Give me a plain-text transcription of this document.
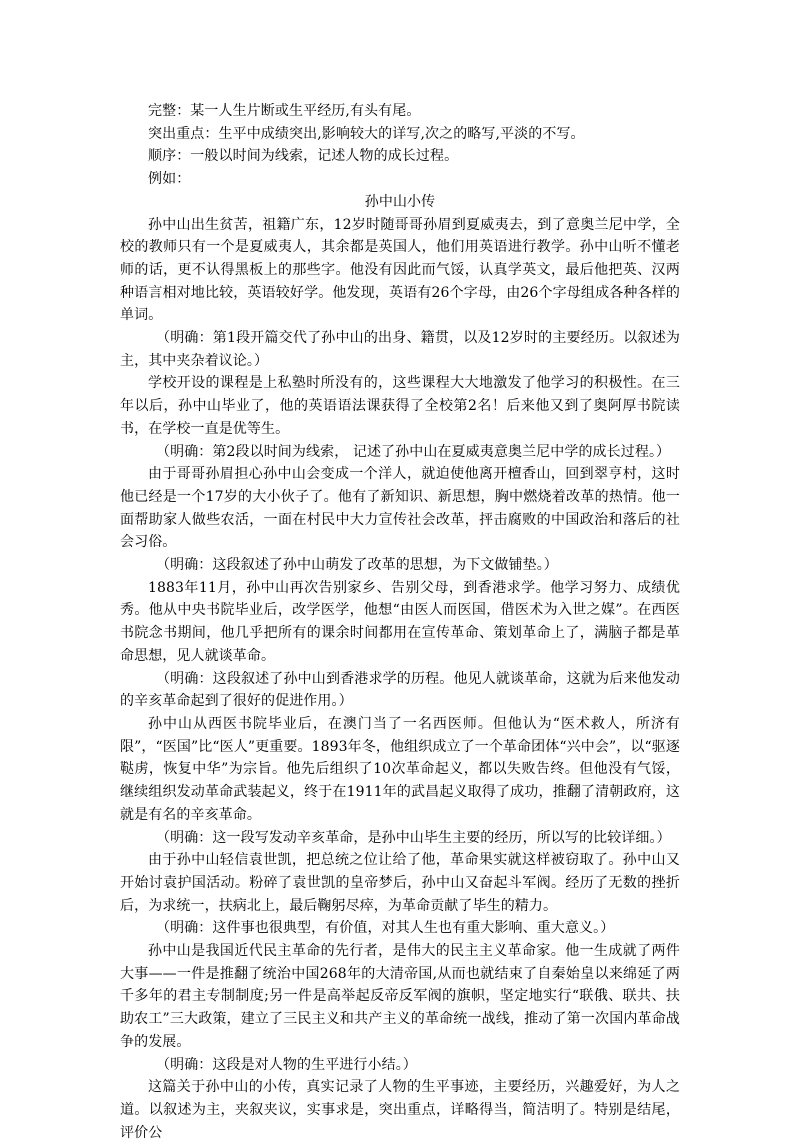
完整：某一人生片断或生平经历,有头有尾。

突出重点：生平中成绩突出,影响较大的详写,次之的略写,平淡的不写。

顺序：一般以时间为线索，记述人物的成长过程。

例如：

孙中山小传

孙中山出生贫苦，祖籍广东，12岁时随哥哥孙眉到夏威夷去，到了意奥兰尼中学，全校的教师只有一个是夏威夷人，其余都是英国人，他们用英语进行教学。孙中山听不懂老师的话，更不认得黑板上的那些字。他没有因此而气馁，认真学英文，最后他把英、汉两种语言相对地比较，英语较好学。他发现，英语有26个字母，由26个字母组成各种各样的单词。

（明确：第1段开篇交代了孙中山的出身、籍贯，以及12岁时的主要经历。以叙述为主，其中夹杂着议论。）

学校开设的课程是上私塾时所没有的，这些课程大大地激发了他学习的积极性。在三年以后，孙中山毕业了，他的英语语法课获得了全校第2名！后来他又到了奥阿厚书院读书，在学校一直是优等生。

（明确：第2段以时间为线索， 记述了孙中山在夏威夷意奥兰尼中学的成长过程。）

由于哥哥孙眉担心孙中山会变成一个洋人，就迫使他离开檀香山，回到翠亨村，这时他已经是一个17岁的大小伙子了。他有了新知识、新思想，胸中燃烧着改革的热情。他一面帮助家人做些农活，一面在村民中大力宣传社会改革，抨击腐败的中国政治和落后的社会习俗。

（明确：这段叙述了孙中山萌发了改革的思想，为下文做铺垫。）

1883年11月，孙中山再次告别家乡、告别父母，到香港求学。他学习努力、成绩优秀。他从中央书院毕业后，改学医学，他想“由医人而医国，借医术为入世之媒”。在西医书院念书期间，他几乎把所有的课余时间都用在宣传革命、策划革命上了，满脑子都是革命思想，见人就谈革命。

（明确：这段叙述了孙中山到香港求学的历程。他见人就谈革命，这就为后来他发动的辛亥革命起到了很好的促进作用。）

孙中山从西医书院毕业后，在澳门当了一名西医师。但他认为“医术救人，所济有限”，“医国”比“医人”更重要。1893年冬，他组织成立了一个革命团体“兴中会”，以“驱逐鞑虏，恢复中华”为宗旨。他先后组织了10次革命起义，都以失败告终。但他没有气馁，继续组织发动革命武装起义，终于在1911年的武昌起义取得了成功，推翻了清朝政府，这就是有名的辛亥革命。

（明确：这一段写发动辛亥革命，是孙中山毕生主要的经历，所以写的比较详细。）

由于孙中山轻信袁世凯，把总统之位让给了他，革命果实就这样被窃取了。孙中山又开始讨袁护国活动。粉碎了袁世凯的皇帝梦后，孙中山又奋起斗军阀。经历了无数的挫折后，为求统一，扶病北上，最后鞠躬尽瘁，为革命贡献了毕生的精力。

（明确：这件事也很典型，有价值，对其人生也有重大影响、重大意义。）

孙中山是我国近代民主革命的先行者，是伟大的民主主义革命家。他一生成就了两件大事——一件是推翻了统治中国268年的大清帝国,从而也就结束了自秦始皇以来绵延了两千多年的君主专制制度;另一件是高举起反帝反军阀的旗帜，坚定地实行“联俄、联共、扶助农工”三大政策，建立了三民主义和共产主义的革命统一战线，推动了第一次国内革命战争的发展。

（明确：这段是对人物的生平进行小结。）

这篇关于孙中山的小传，真实记录了人物的生平事迹，主要经历，兴趣爱好，为人之道。以叙述为主，夹叙夹议，实事求是，突出重点，详略得当，简洁明了。特别是结尾，评价公
